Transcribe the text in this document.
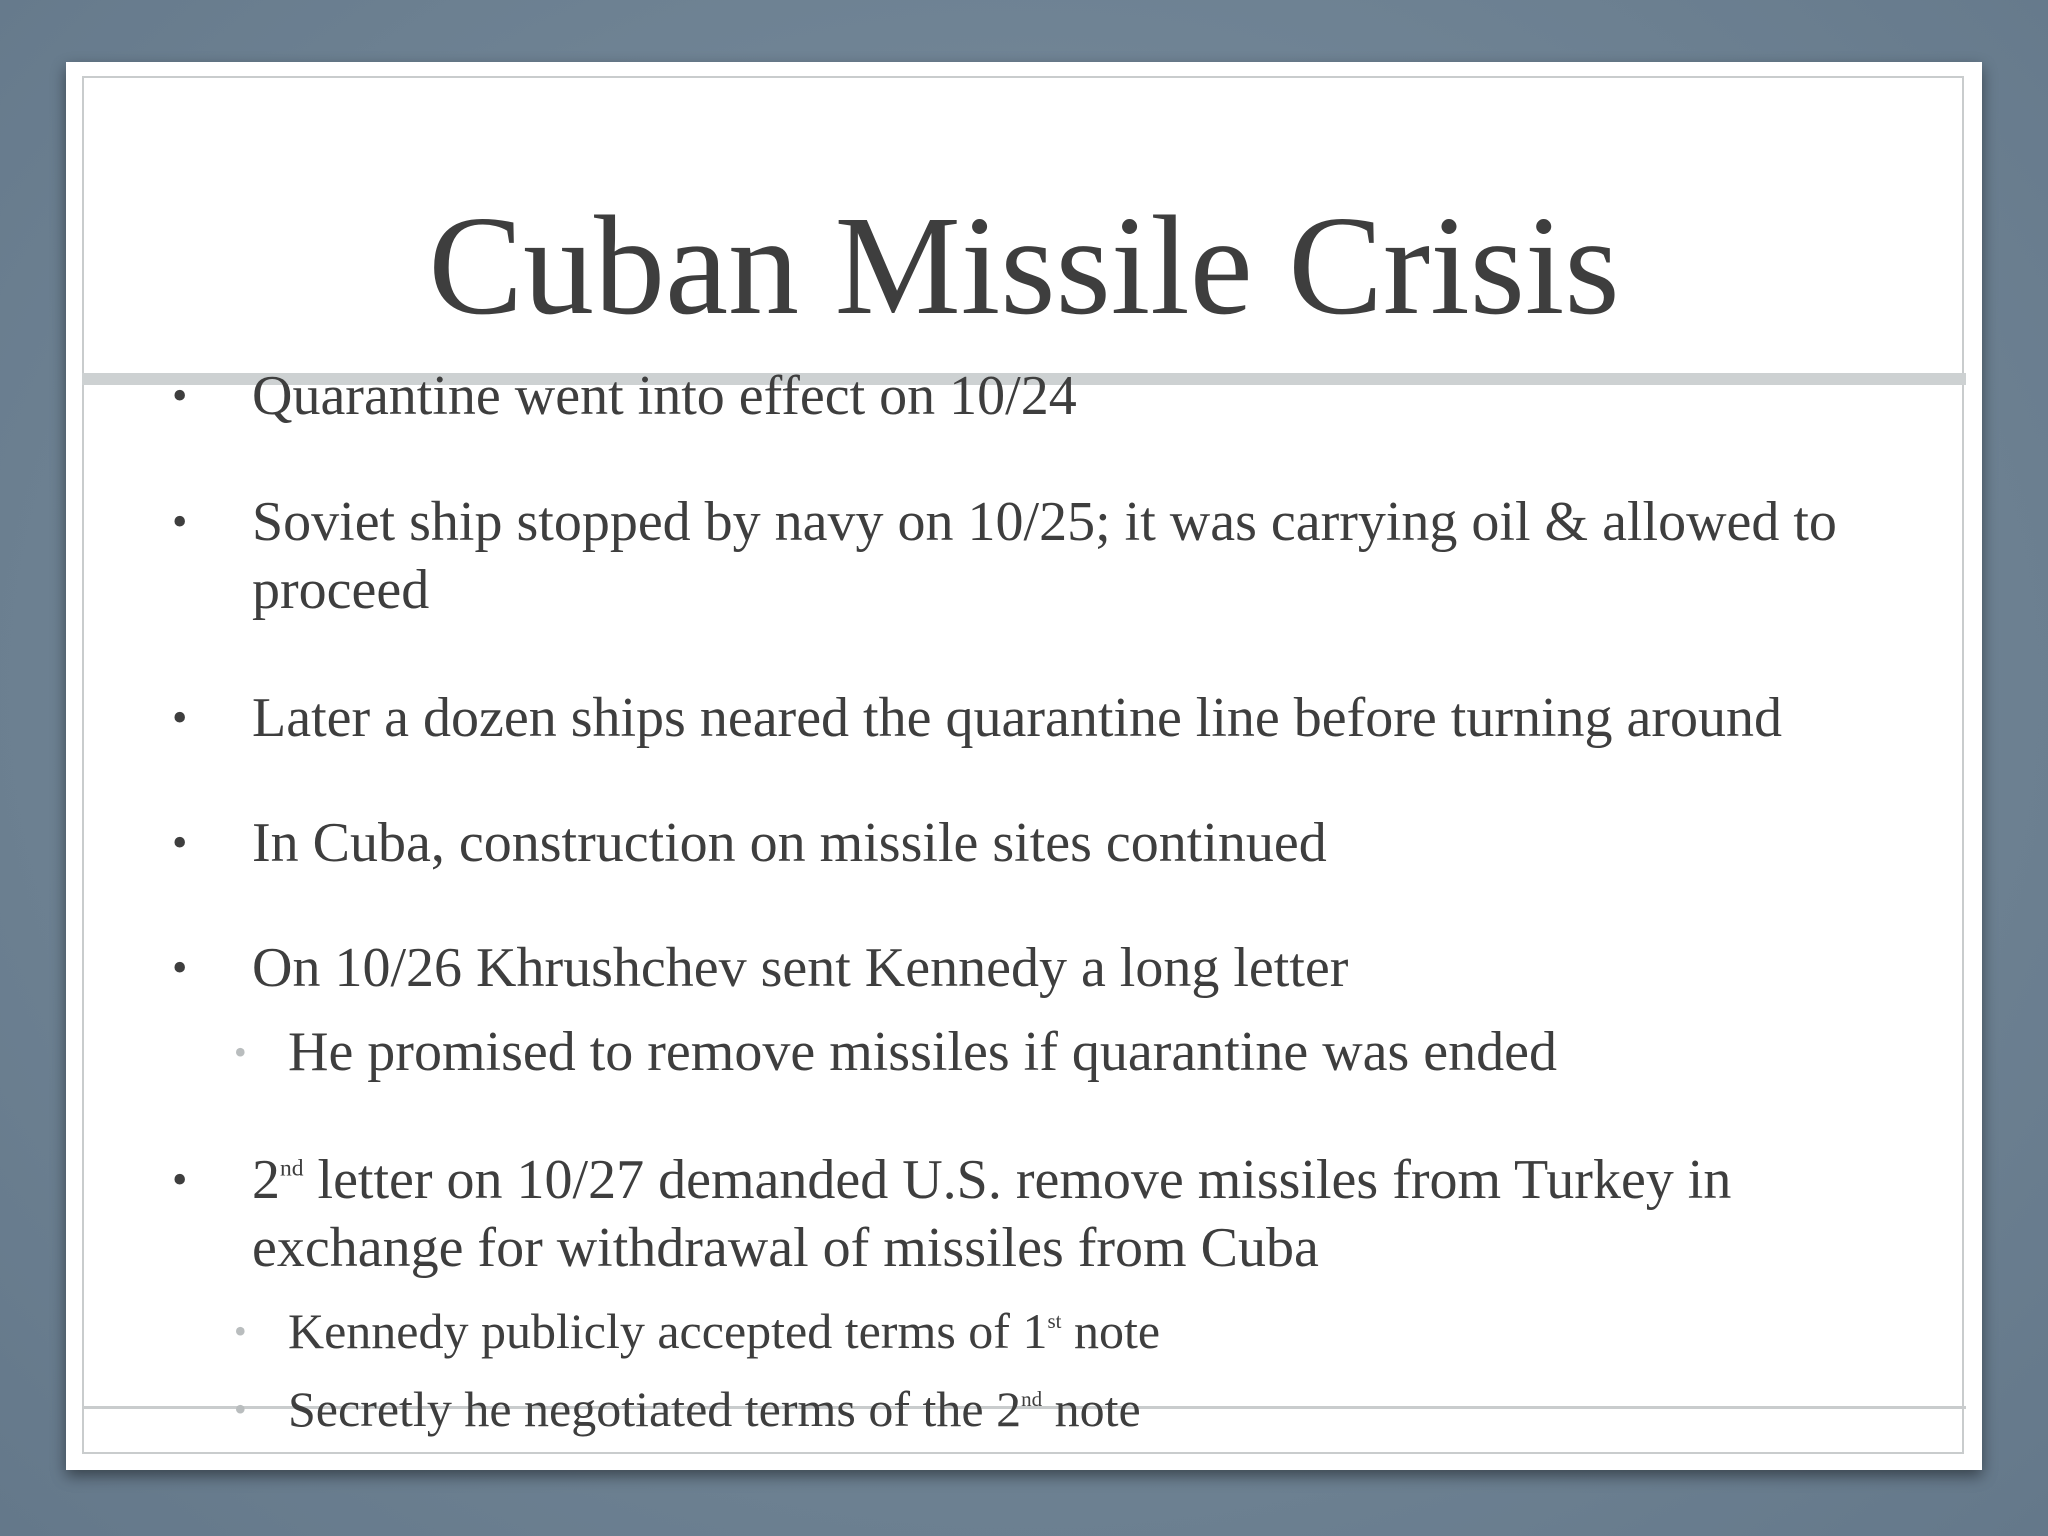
Cuban Missile Crisis
• Quarantine went into effect on 10/24
• Soviet ship stopped by navy on 10/25; it was carrying oil & allowed to proceed
• Later a dozen ships neared the quarantine line before turning around
• In Cuba, construction on missile sites continued
• On 10/26 Khrushchev sent Kennedy a long letter
• He promised to remove missiles if quarantine was ended
• 2nd letter on 10/27 demanded U.S. remove missiles from Turkey in exchange for withdrawal of missiles from Cuba
• Kennedy publicly accepted terms of 1st note
• Secretly he negotiated terms of the 2nd note
